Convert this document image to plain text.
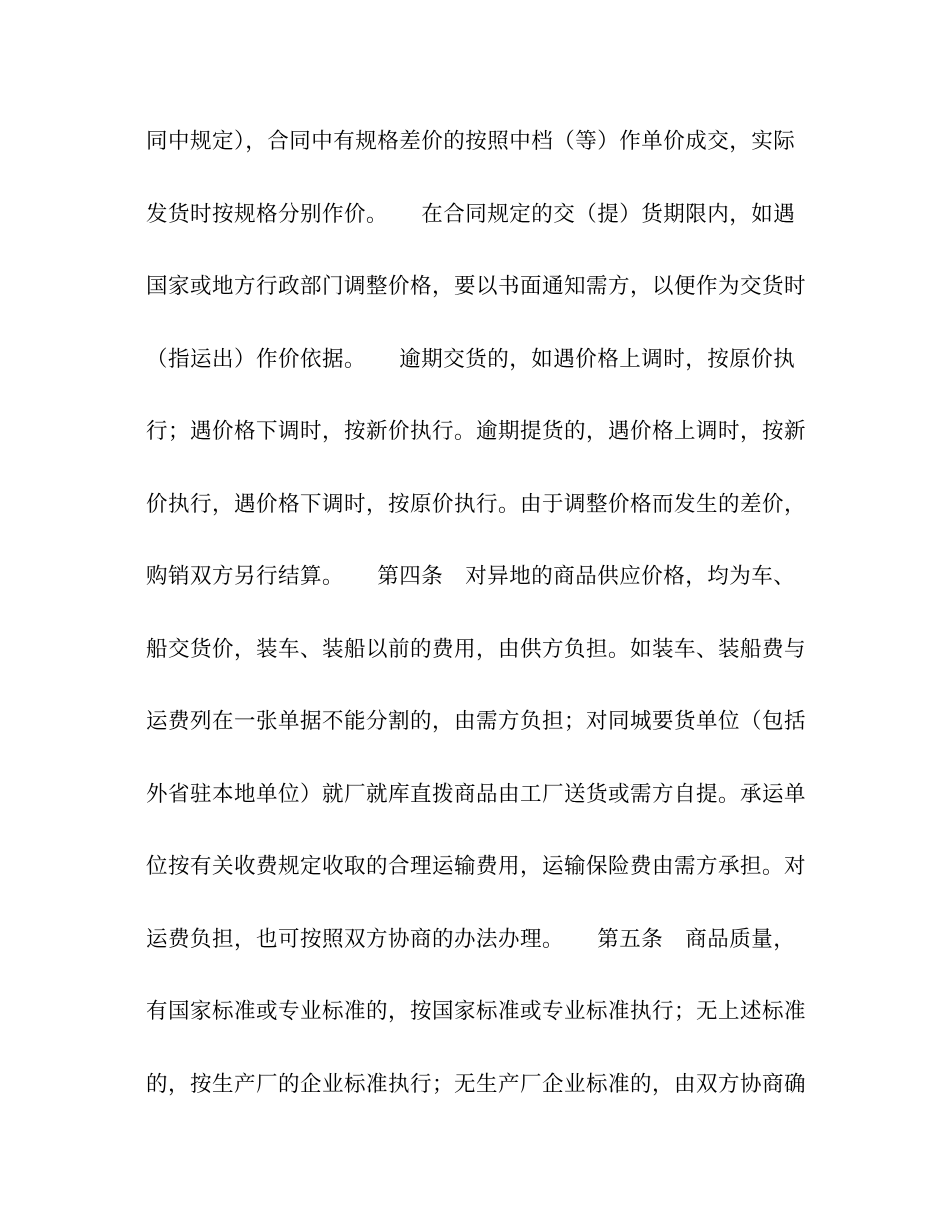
同中规定），合同中有规格差价的按照中档（等）作单价成交，实际
发货时按规格分别作价。　　在合同规定的交（提）货期限内，如遇
国家或地方行政部门调整价格，要以书面通知需方，以便作为交货时
（指运出）作价依据。　　逾期交货的，如遇价格上调时，按原价执
行；遇价格下调时，按新价执行。逾期提货的，遇价格上调时，按新
价执行，遇价格下调时，按原价执行。由于调整价格而发生的差价，
购销双方另行结算。　　第四条　对异地的商品供应价格，均为车、
船交货价，装车、装船以前的费用，由供方负担。如装车、装船费与
运费列在一张单据不能分割的，由需方负担；对同城要货单位（包括
外省驻本地单位）就厂就库直拨商品由工厂送货或需方自提。承运单
位按有关收费规定收取的合理运输费用，运输保险费由需方承担。对
运费负担，也可按照双方协商的办法办理。　　第五条　商品质量，
有国家标准或专业标准的，按国家标准或专业标准执行；无上述标准
的，按生产厂的企业标准执行；无生产厂企业标准的，由双方协商确
